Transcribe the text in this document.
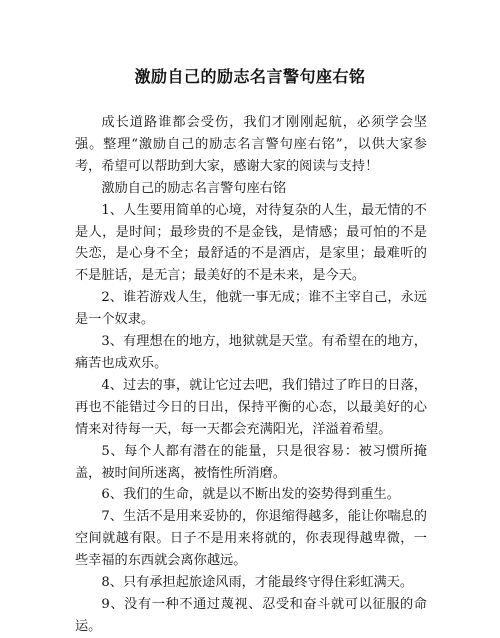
激励自己的励志名言警句座右铭

成长道路谁都会受伤，我们才刚刚起航，必须学会坚强。整理“激励自己的励志名言警句座右铭”，以供大家参考，希望可以帮助到大家，感谢大家的阅读与支持！

激励自己的励志名言警句座右铭

1、人生要用简单的心境，对待复杂的人生，最无情的不是人，是时间；最珍贵的不是金钱，是情感；最可怕的不是失恋，是心身不全；最舒适的不是酒店，是家里；最难听的不是脏话，是无言；最美好的不是未来，是今天。

2、谁若游戏人生，他就一事无成；谁不主宰自己，永远是一个奴隶。

3、有理想在的地方，地狱就是天堂。有希望在的地方，痛苦也成欢乐。

4、过去的事，就让它过去吧，我们错过了昨日的日落，再也不能错过今日的日出，保持平衡的心态，以最美好的心情来对待每一天，每一天都会充满阳光，洋溢着希望。

5、每个人都有潜在的能量，只是很容易：被习惯所掩盖，被时间所迷离，被惰性所消磨。

6、我们的生命，就是以不断出发的姿势得到重生。

7、生活不是用来妥协的，你退缩得越多，能让你喘息的空间就越有限。日子不是用来将就的，你表现得越卑微，一些幸福的东西就会离你越远。

8、只有承担起旅途风雨，才能最终守得住彩虹满天。

9、没有一种不通过蔑视、忍受和奋斗就可以征服的命运。
